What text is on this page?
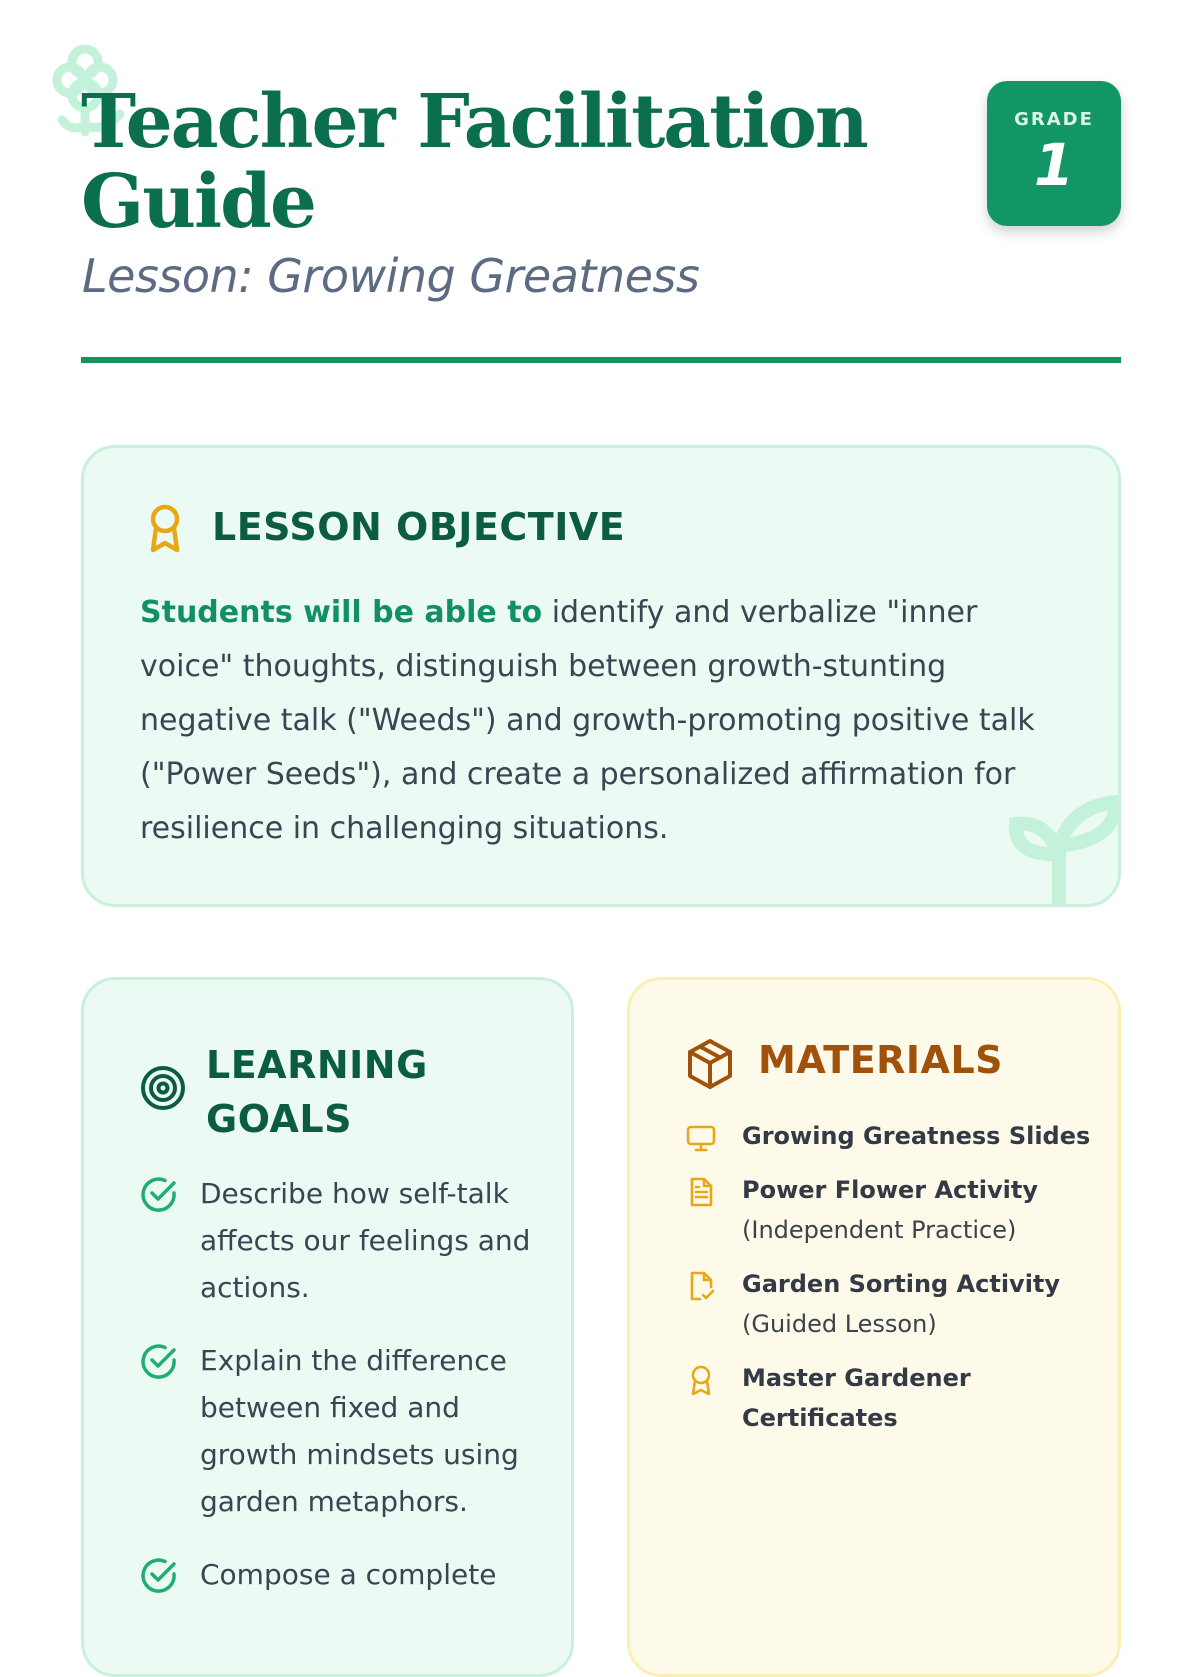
Teacher Facilitation Guide
Lesson: Growing Greatness
GRADE
1
LESSON OBJECTIVE

Students will be able to identify and verbalize "inner voice" thoughts, distinguish between growth-stunting negative talk ("Weeds") and growth-promoting positive talk ("Power Seeds"), and create a personalized affirmation for resilience in challenging situations.

LEARNING GOALS
Describe how self-talk affects our feelings and actions.
Explain the difference between fixed and growth mindsets using garden metaphors.
Compose a complete
MATERIALS
Growing Greatness Slides
Power Flower Activity
(Independent Practice)
Garden Sorting Activity
(Guided Lesson)
Master Gardener Certificates
